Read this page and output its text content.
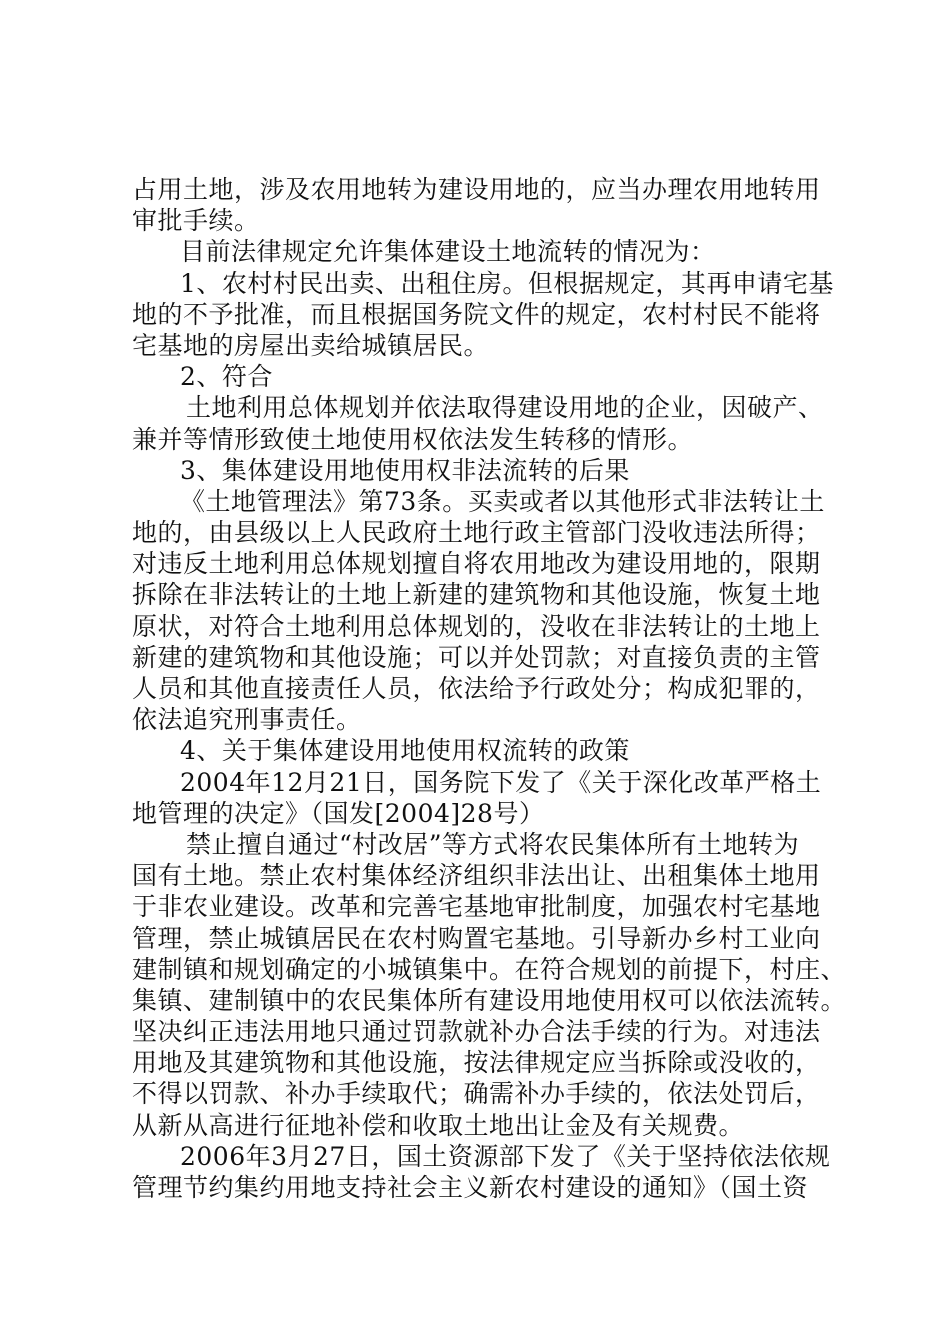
占用土地，涉及农用地转为建设用地的，应当办理农用地转用
审批手续。
目前法律规定允许集体建设土地流转的情况为：
1、农村村民出卖、出租住房。但根据规定，其再申请宅基
地的不予批准，而且根据国务院文件的规定，农村村民不能将
宅基地的房屋出卖给城镇居民。
2、符合
土地利用总体规划并依法取得建设用地的企业，因破产、
兼并等情形致使土地使用权依法发生转移的情形。
3、集体建设用地使用权非法流转的后果
《土地管理法》第73条。买卖或者以其他形式非法转让土
地的，由县级以上人民政府土地行政主管部门没收违法所得；
对违反土地利用总体规划擅自将农用地改为建设用地的，限期
拆除在非法转让的土地上新建的建筑物和其他设施，恢复土地
原状，对符合土地利用总体规划的，没收在非法转让的土地上
新建的建筑物和其他设施；可以并处罚款；对直接负责的主管
人员和其他直接责任人员，依法给予行政处分；构成犯罪的，
依法追究刑事责任。
4、关于集体建设用地使用权流转的政策
2004年12月21日，国务院下发了《关于深化改革严格土
地管理的决定》（国发[2004]28号）
禁止擅自通过“村改居”等方式将农民集体所有土地转为
国有土地。禁止农村集体经济组织非法出让、出租集体土地用
于非农业建设。改革和完善宅基地审批制度，加强农村宅基地
管理，禁止城镇居民在农村购置宅基地。引导新办乡村工业向
建制镇和规划确定的小城镇集中。在符合规划的前提下，村庄、
集镇、建制镇中的农民集体所有建设用地使用权可以依法流转。
坚决纠正违法用地只通过罚款就补办合法手续的行为。对违法
用地及其建筑物和其他设施，按法律规定应当拆除或没收的，
不得以罚款、补办手续取代；确需补办手续的，依法处罚后，
从新从高进行征地补偿和收取土地出让金及有关规费。
2006年3月27日，国土资源部下发了《关于坚持依法依规
管理节约集约用地支持社会主义新农村建设的通知》（国土资
